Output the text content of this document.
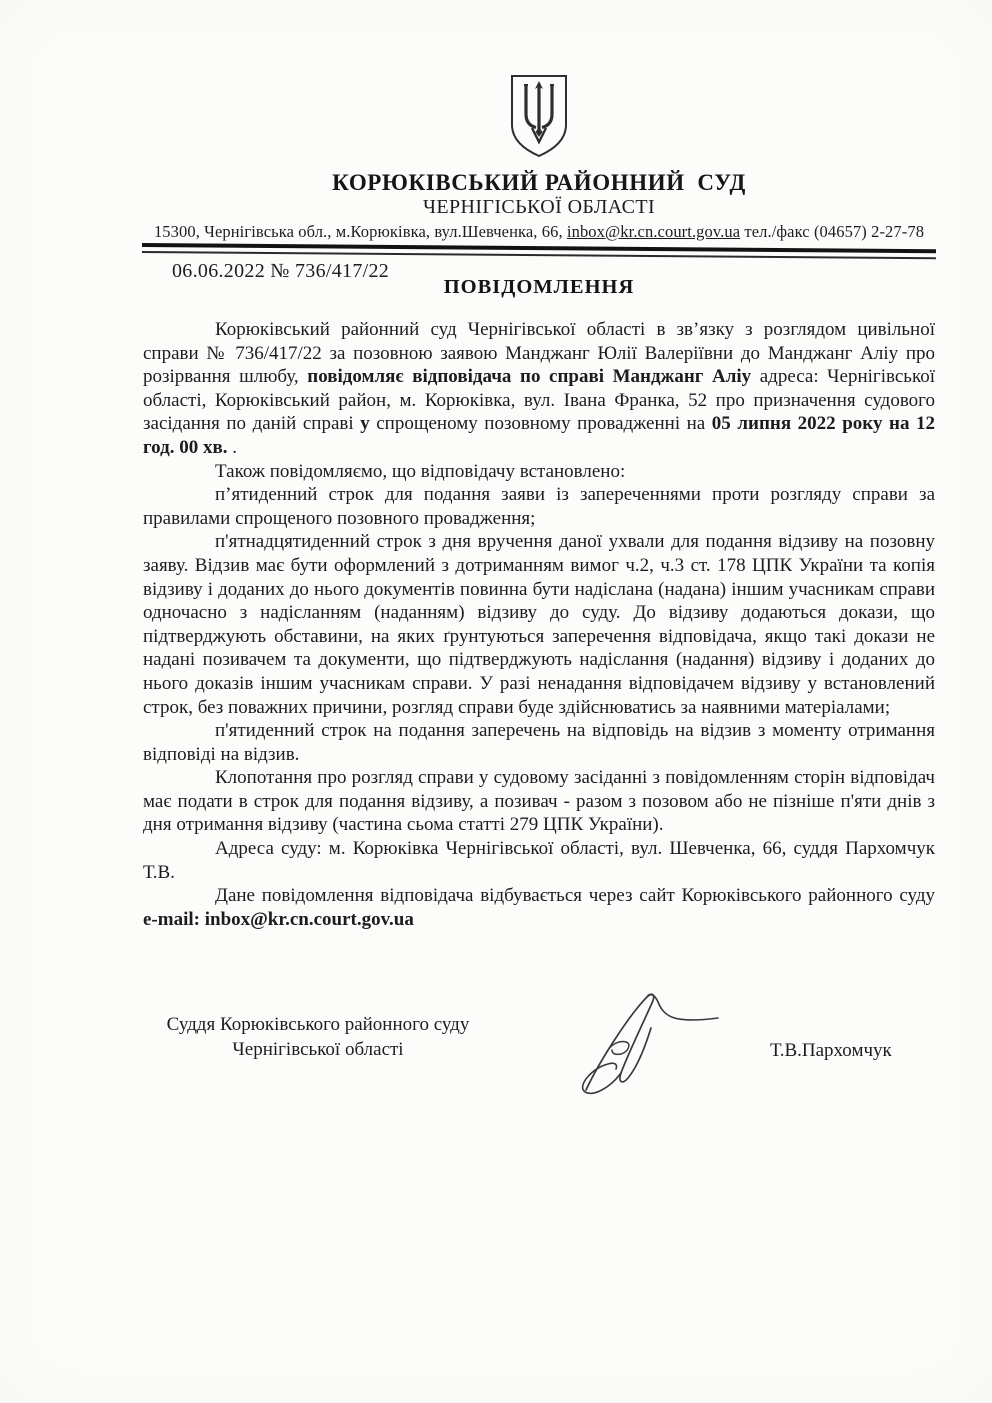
КОРЮКІВСЬКИЙ РАЙОННИЙ  СУД
ЧЕРНІГІСЬКОЇ ОБЛАСТІ
15300, Чернігівська обл., м.Корюківка, вул.Шевченка, 66, inbox@kr.cn.court.gov.ua тел./факс (04657) 2-27-78
06.06.2022 № 736/417/22
ПОВІДОМЛЕННЯ

Корюківський районний суд Чернігівської області в зв’язку з розглядом цивільної справи № 736/417/22 за позовною заявою Манджанг Юлії Валеріївни до Манджанг Аліу про розірвання шлюбу, повідомляє відповідача по справі Манджанг Аліу адреса: Чернігівської області, Корюківський район, м. Корюківка, вул. Івана Франка, 52 про призначення судового засідання по даній справі у спрощеному позовному провадженні на 05 липня 2022 року на 12 год. 00 хв. .

Також повідомляємо, що відповідачу встановлено:

п’ятиденний строк для подання заяви із запереченнями проти розгляду справи за правилами спрощеного позовного провадження;

п'ятнадцятиденний строк з дня вручення даної ухвали для подання відзиву на позовну заяву. Відзив має бути оформлений з дотриманням вимог ч.2, ч.3 ст. 178 ЦПК України та копія відзиву і доданих до нього документів повинна бути надіслана (надана) іншим учасникам справи одночасно з надісланням (наданням) відзиву до суду. До відзиву додаються докази, що підтверджують обставини, на яких ґрунтуються заперечення відповідача, якщо такі докази не надані позивачем та документи, що підтверджують надіслання (надання) відзиву і доданих до нього доказів іншим учасникам справи. У разі ненадання відповідачем відзиву у встановлений строк, без поважних причини, розгляд справи буде здійснюватись за наявними матеріалами;

п'ятиденний строк на подання заперечень на відповідь на відзив з моменту отримання відповіді на відзив.

Клопотання про розгляд справи у судовому засіданні з повідомленням сторін відповідач має подати в строк для подання відзиву, а позивач - разом з позовом або не пізніше п'яти днів з дня отримання відзиву (частина сьома статті 279 ЦПК України).

Адреса суду: м. Корюківка Чернігівської області, вул. Шевченка, 66, суддя Пархомчук Т.В.

Дане повідомлення відповідача відбувається через сайт Корюківського районного суду e-mail: inbox@kr.cn.court.gov.ua

Суддя Корюківського районного суду
Чернігівської області	Т.В.Пархомчук
